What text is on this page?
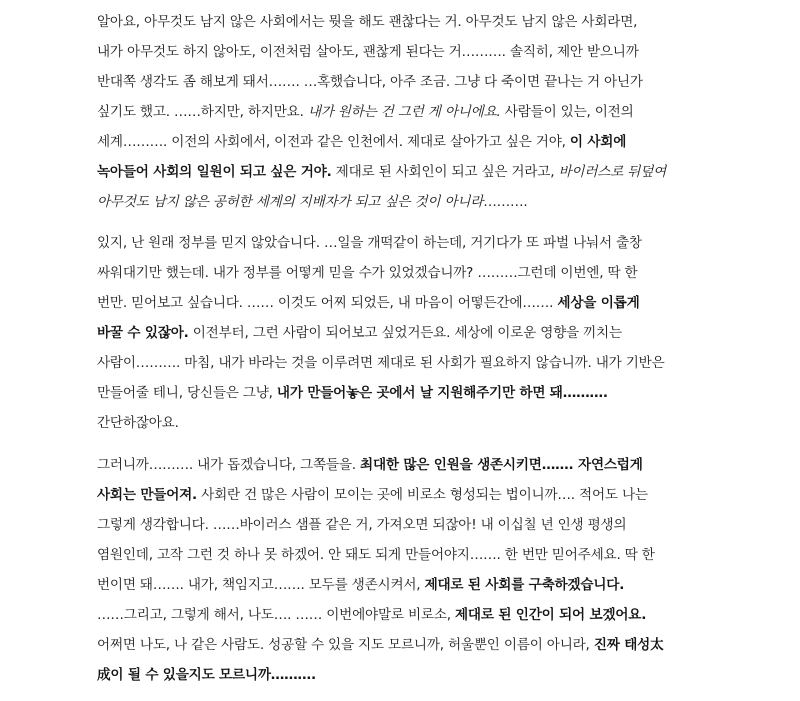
알아요, 아무것도 남지 않은 사회에서는 뭣을 해도 괜찮다는 거. 아무것도 남지 않은 사회라면,
내가 아무것도 하지 않아도, 이전처럼 살아도, 괜찮게 된다는 거………. 솔직히, 제안 받으니까
반대쪽 생각도 좀 해보게 돼서……. …혹했습니다, 아주 조금. 그냥 다 죽이면 끝나는 거 아닌가
싶기도 했고. ……하지만, 하지만요. 내가 원하는 건 그런 게 아니에요. 사람들이 있는, 이전의
세계………. 이전의 사회에서, 이전과 같은 인천에서. 제대로 살아가고 싶은 거야, 이 사회에
녹아들어 사회의 일원이 되고 싶은 거야. 제대로 된 사회인이 되고 싶은 거라고, 바이러스로 뒤덮여
아무것도 남지 않은 공허한 세계의 지배자가 되고 싶은 것이 아니라……….
있지, 난 원래 정부를 믿지 않았습니다. …일을 개떡같이 하는데, 거기다가 또 파벌 나눠서 출창
싸워대기만 했는데. 내가 정부를 어떻게 믿을 수가 있었겠습니까? ………그런데 이번엔, 딱 한
번만. 믿어보고 싶습니다. …… 이것도 어찌 되었든, 내 마음이 어떻든간에……. 세상을 이롭게
바꿀 수 있잖아. 이전부터, 그런 사람이 되어보고 싶었거든요. 세상에 이로운 영향을 끼치는
사람이………. 마침, 내가 바라는 것을 이루려면 제대로 된 사회가 필요하지 않습니까. 내가 기반은
만들어줄 테니, 당신들은 그냥, 내가 만들어놓은 곳에서 날 지원해주기만 하면 돼……….
간단하잖아요.
그러니까………. 내가 돕겠습니다, 그쪽들을. 최대한 많은 인원을 생존시키면……. 자연스럽게
사회는 만들어져. 사회란 건 많은 사람이 모이는 곳에 비로소 형성되는 법이니까…. 적어도 나는
그렇게 생각합니다. ……바이러스 샘플 같은 거, 가져오면 되잖아! 내 이십칠 년 인생 평생의
염원인데, 고작 그런 것 하나 못 하겠어. 안 돼도 되게 만들어야지……. 한 번만 믿어주세요. 딱 한
번이면 돼……. 내가, 책임지고……. 모두를 생존시켜서, 제대로 된 사회를 구축하겠습니다.
……그리고, 그렇게 해서, 나도…. …… 이번에야말로 비로소, 제대로 된 인간이 되어 보겠어요.
어쩌면 나도, 나 같은 사람도. 성공할 수 있을 지도 모르니까, 허울뿐인 이름이 아니라, 진짜 태성太
成이 될 수 있을지도 모르니까……….
